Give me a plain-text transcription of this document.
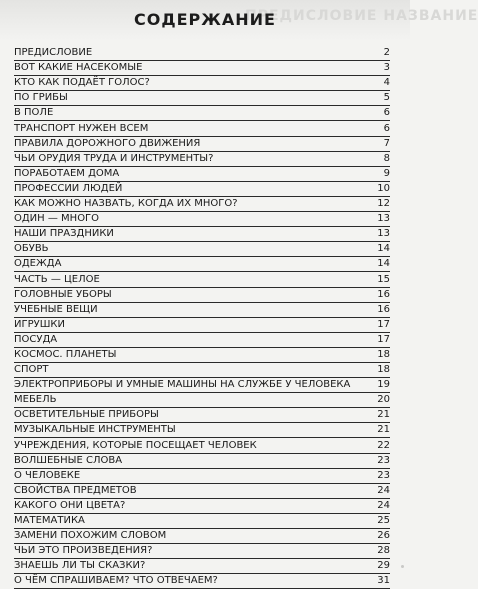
ПРЕДИСЛОВИЕ НАЗВАНИЕ
СОДЕРЖАНИЕ
ПРЕДИСЛОВИЕ	2
ВОТ КАКИЕ НАСЕКОМЫЕ	3
КТО КАК ПОДАЁТ ГОЛОС?	4
ПО ГРИБЫ	5
В ПОЛЕ	6
ТРАНСПОРТ НУЖЕН ВСЕМ	6
ПРАВИЛА ДОРОЖНОГО ДВИЖЕНИЯ	7
ЧЬИ ОРУДИЯ ТРУДА И ИНСТРУМЕНТЫ?	8
ПОРАБОТАЕМ ДОМА	9
ПРОФЕССИИ ЛЮДЕЙ	10
КАК МОЖНО НАЗВАТЬ, КОГДА ИХ МНОГО?	12
ОДИН — МНОГО	13
НАШИ ПРАЗДНИКИ	13
ОБУВЬ	14
ОДЕЖДА	14
ЧАСТЬ — ЦЕЛОЕ	15
ГОЛОВНЫЕ УБОРЫ	16
УЧЕБНЫЕ ВЕЩИ	16
ИГРУШКИ	17
ПОСУДА	17
КОСМОС. ПЛАНЕТЫ	18
СПОРТ	18
ЭЛЕКТРОПРИБОРЫ И УМНЫЕ МАШИНЫ НА СЛУЖБЕ У ЧЕЛОВЕКА	19
МЕБЕЛЬ	20
ОСВЕТИТЕЛЬНЫЕ ПРИБОРЫ	21
МУЗЫКАЛЬНЫЕ ИНСТРУМЕНТЫ	21
УЧРЕЖДЕНИЯ, КОТОРЫЕ ПОСЕЩАЕТ ЧЕЛОВЕК	22
ВОЛШЕБНЫЕ СЛОВА	23
О ЧЕЛОВЕКЕ	23
СВОЙСТВА ПРЕДМЕТОВ	24
КАКОГО ОНИ ЦВЕТА?	24
МАТЕМАТИКА	25
ЗАМЕНИ ПОХОЖИМ СЛОВОМ	26
ЧЬИ ЭТО ПРОИЗВЕДЕНИЯ?	28
ЗНАЕШЬ ЛИ ТЫ СКАЗКИ?	29
О ЧЁМ СПРАШИВАЕМ? ЧТО ОТВЕЧАЕМ?	31
